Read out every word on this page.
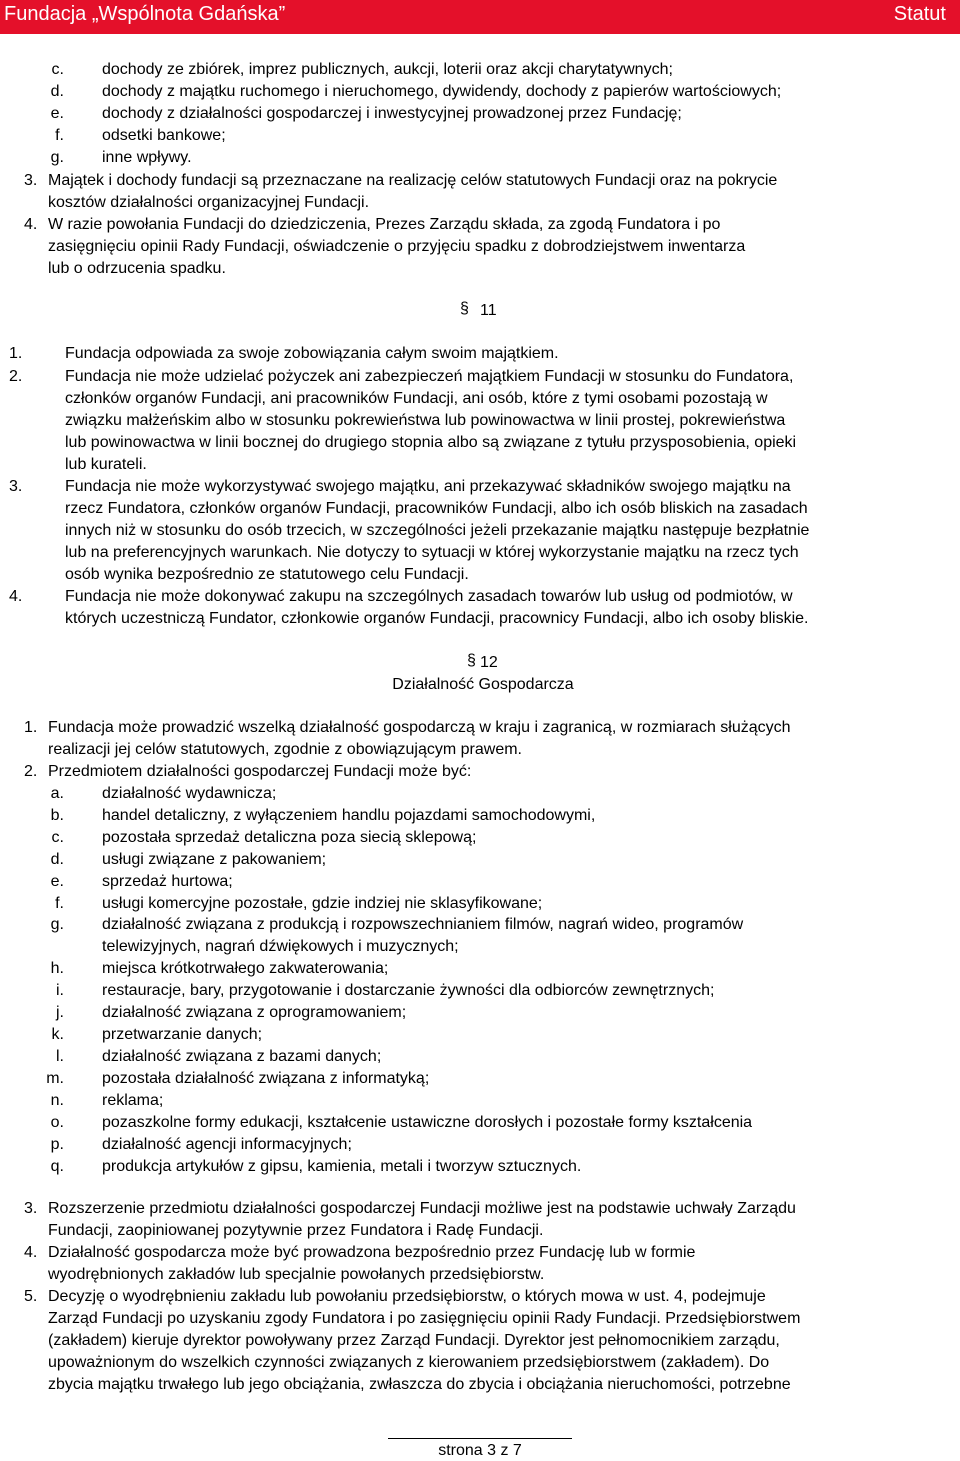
Fundacja „Wspólnota Gdańska”	Statut
c. dochody ze zbiórek, imprez publicznych, aukcji, loterii oraz akcji charytatywnych;
d. dochody z majątku ruchomego i nieruchomego, dywidendy, dochody z papierów wartościowych;
e. dochody z działalności gospodarczej i inwestycyjnej prowadzonej przez Fundację;
f. odsetki bankowe;
g. inne wpływy.
3. Majątek i dochody fundacji są przeznaczane na realizację celów statutowych Fundacji oraz na pokrycie
kosztów działalności organizacyjnej Fundacji.
4. W razie powołania Fundacji do dziedziczenia, Prezes Zarządu składa, za zgodą Fundatora i po
zasięgnięciu opinii Rady Fundacji, oświadczenie o przyjęciu spadku z dobrodziejstwem inwentarza
lub o odrzucenia spadku.
§ 11
1.	Fundacja odpowiada za swoje zobowiązania całym swoim majątkiem.
2.	Fundacja nie może udzielać pożyczek ani zabezpieczeń majątkiem Fundacji w stosunku do Fundatora,
członków organów Fundacji, ani pracowników Fundacji, ani osób, które z tymi osobami pozostają w
związku małżeńskim albo w stosunku pokrewieństwa lub powinowactwa w linii prostej, pokrewieństwa
lub powinowactwa w linii bocznej do drugiego stopnia albo są związane z tytułu przysposobienia, opieki
lub kurateli.
3.	Fundacja nie może wykorzystywać swojego majątku, ani przekazywać składników swojego majątku na
rzecz Fundatora, członków organów Fundacji, pracowników Fundacji, albo ich osób bliskich na zasadach
innych niż w stosunku do osób trzecich, w szczególności jeżeli przekazanie majątku następuje bezpłatnie
lub na preferencyjnych warunkach. Nie dotyczy to sytuacji w której wykorzystanie majątku na rzecz tych
osób wynika bezpośrednio ze statutowego celu Fundacji.
4.	Fundacja nie może dokonywać zakupu na szczególnych zasadach towarów lub usług od podmiotów, w
których uczestniczą Fundator, członkowie organów Fundacji, pracownicy Fundacji, albo ich osoby bliskie.
§ 12
Działalność Gospodarcza
1. Fundacja może prowadzić wszelką działalność gospodarczą w kraju i zagranicą, w rozmiarach służących
realizacji jej celów statutowych, zgodnie z obowiązującym prawem.
2. Przedmiotem działalności gospodarczej Fundacji może być:
a. działalność wydawnicza;
b. handel detaliczny, z wyłączeniem handlu pojazdami samochodowymi,
c. pozostała sprzedaż detaliczna poza siecią sklepową;
d. usługi związane z pakowaniem;
e. sprzedaż hurtowa;
f. usługi komercyjne pozostałe, gdzie indziej nie sklasyfikowane;
g. działalność związana z produkcją i rozpowszechnianiem filmów, nagrań wideo, programów
telewizyjnych, nagrań dźwiękowych i muzycznych;
h. miejsca krótkotrwałego zakwaterowania;
i. restauracje, bary, przygotowanie i dostarczanie żywności dla odbiorców zewnętrznych;
j. działalność związana z oprogramowaniem;
k. przetwarzanie danych;
l. działalność związana z bazami danych;
m. pozostała działalność związana z informatyką;
n. reklama;
o. pozaszkolne formy edukacji, kształcenie ustawiczne dorosłych i pozostałe formy kształcenia
p. działalność agencji informacyjnych;
q. produkcja artykułów z gipsu, kamienia, metali i tworzyw sztucznych.
3. Rozszerzenie przedmiotu działalności gospodarczej Fundacji możliwe jest na podstawie uchwały Zarządu
Fundacji, zaopiniowanej pozytywnie przez Fundatora i Radę Fundacji.
4. Działalność gospodarcza może być prowadzona bezpośrednio przez Fundację lub w formie
wyodrębnionych zakładów lub specjalnie powołanych przedsiębiorstw.
5. Decyzję o wyodrębnieniu zakładu lub powołaniu przedsiębiorstw, o których mowa w ust. 4, podejmuje
Zarząd Fundacji po uzyskaniu zgody Fundatora i po zasięgnięciu opinii Rady Fundacji. Przedsiębiorstwem
(zakładem) kieruje dyrektor powoływany przez Zarząd Fundacji. Dyrektor jest pełnomocnikiem zarządu,
upoważnionym do wszelkich czynności związanych z kierowaniem przedsiębiorstwem (zakładem). Do
zbycia majątku trwałego lub jego obciążania, zwłaszcza do zbycia i obciążania nieruchomości, potrzebne
strona 3 z 7
